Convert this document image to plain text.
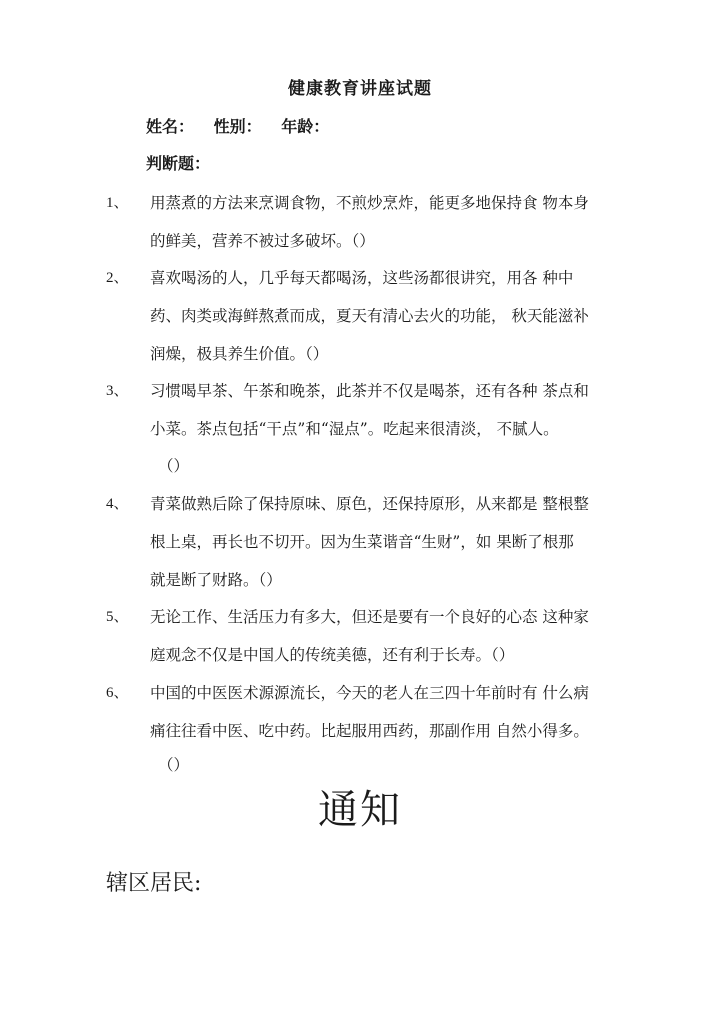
健康教育讲座试题
姓名： 性别： 年龄：
判断题：
1、 用蒸煮的方法来烹调食物，不煎炒烹炸，能更多地保持食 物本身
的鲜美，营养不被过多破坏。（）
2、 喜欢喝汤的人，几乎每天都喝汤，这些汤都很讲究，用各 种中
药、肉类或海鲜熬煮而成，夏天有清心去火的功能， 秋天能滋补
润燥，极具养生价值。（）
3、 习惯喝早茶、午茶和晚茶，此茶并不仅是喝茶，还有各种 茶点和
小菜。茶点包括“干点”和“湿点”。吃起来很清淡， 不腻人。
（）
4、 青菜做熟后除了保持原味、原色，还保持原形，从来都是 整根整
根上桌，再长也不切开。因为生菜谐音“生财”，如 果断了根那
就是断了财路。（）
5、 无论工作、生活压力有多大，但还是要有一个良好的心态 这种家
庭观念不仅是中国人的传统美德，还有利于长寿。（）
6、 中国的中医医术源源流长，今天的老人在三四十年前时有 什么病
痛往往看中医、吃中药。比起服用西药，那副作用 自然小得多。
（）
通知
辖区居民:
